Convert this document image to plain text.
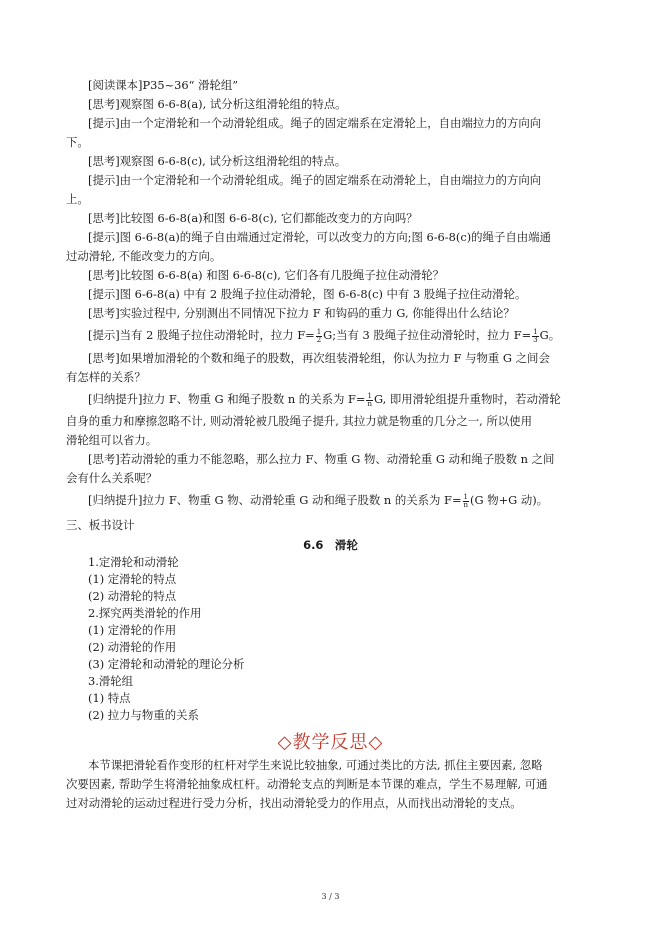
[阅读课本]P35~36“ 滑轮组”
[思考]观察图 6-6-8(a), 试分析这组滑轮组的特点。
[提示]由一个定滑轮和一个动滑轮组成。绳子的固定端系在定滑轮上，自由端拉力的方向向
下。
[思考]观察图 6-6-8(c), 试分析这组滑轮组的特点。
[提示]由一个定滑轮和一个动滑轮组成。绳子的固定端系在动滑轮上，自由端拉力的方向向
上。
[思考]比较图 6-6-8(a)和图 6-6-8(c), 它们都能改变力的方向吗？
[提示]图 6-6-8(a)的绳子自由端通过定滑轮，可以改变力的方向;图 6-6-8(c)的绳子自由端通
过动滑轮, 不能改变力的方向。
[思考]比较图 6-6-8(a) 和图 6-6-8(c), 它们各有几股绳子拉住动滑轮？
[提示]图 6-6-8(a) 中有 2 股绳子拉住动滑轮，图 6-6-8(c) 中有 3 股绳子拉住动滑轮。
[思考]实验过程中, 分别测出不同情况下拉力 F 和钩码的重力 G, 你能得出什么结论？
[提示]当有 2 股绳子拉住动滑轮时，拉力 $F= \frac{1}{2} G$;当有 3 股绳子拉住动滑轮时，拉力 $F= \frac{1}{3}$ G。
[思考]如果增加滑轮的个数和绳子的股数，再次组装滑轮组，你认为拉力 F 与物重 G 之间会
有怎样的关系？
[归纳提升]拉力 F、物重 G 和绳子股数 n 的关系为 $F= \frac{1}{n} G$, 即用滑轮组提升重物时，若动滑轮
自身的重力和摩擦忽略不计, 则动滑轮被几股绳子提升, 其拉力就是物重的几分之一, 所以使用
滑轮组可以省力。
[思考]若动滑轮的重力不能忽略，那么拉力 F、物重 G 物、动滑轮重 G 动和绳子股数 n 之间
会有什么关系呢？
[归纳提升]拉力 F、物重 G 物、动滑轮重 G 动和绳子股数 n 的关系为 $F= \frac{1}{n} (G$ 物+G 动)。
三、板书设计
6.6　滑轮
1.定滑轮和动滑轮
(1) 定滑轮的特点
(2) 动滑轮的特点
2.探究两类滑轮的作用
(1) 定滑轮的作用
(2) 动滑轮的作用
(3) 定滑轮和动滑轮的理论分析
3.滑轮组
(1) 特点
(2) 拉力与物重的关系
◇教学反思◇
本节课把滑轮看作变形的杠杆对学生来说比较抽象, 可通过类比的方法, 抓住主要因素, 忽略
次要因素, 帮助学生将滑轮抽象成杠杆。动滑轮支点的判断是本节课的难点，学生不易理解, 可通
过对动滑轮的运动过程进行受力分析，找出动滑轮受力的作用点，从而找出动滑轮的支点。
3 / 3
